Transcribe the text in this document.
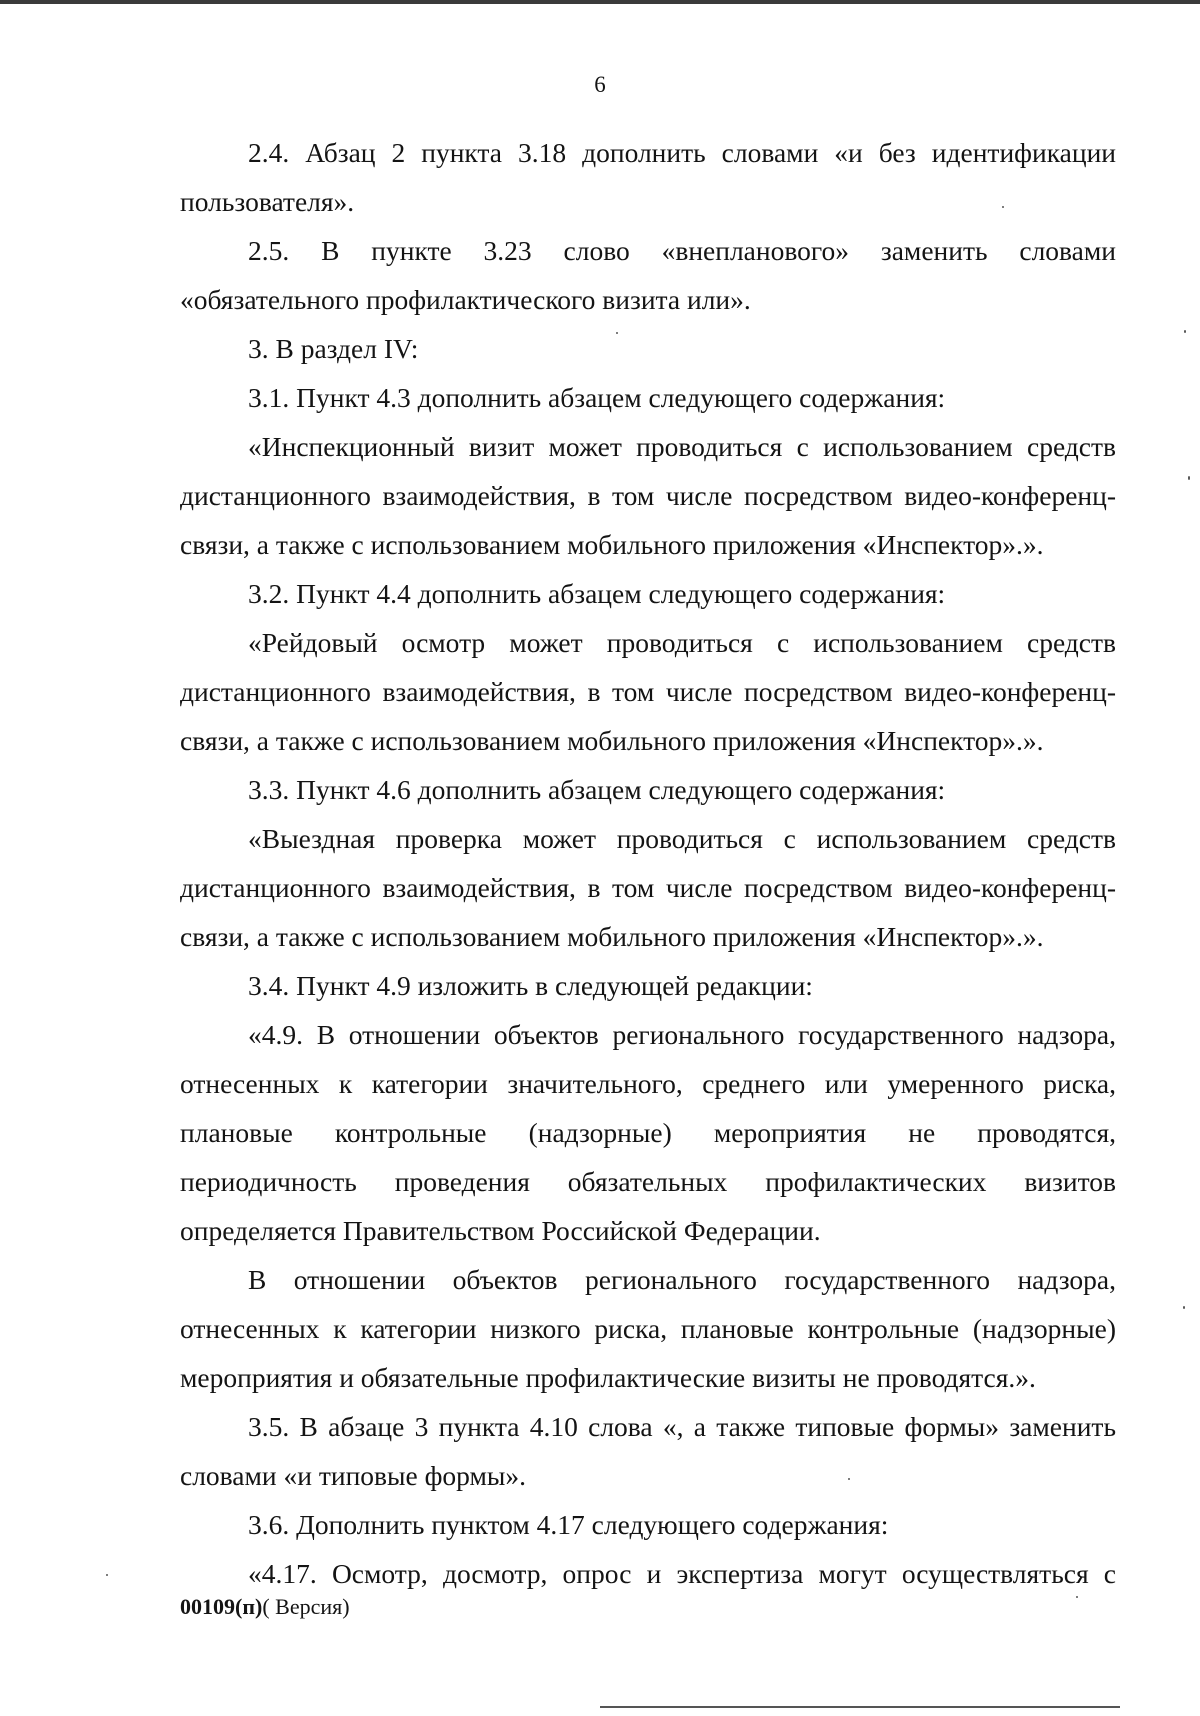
6

2.4. Абзац 2 пункта 3.18 дополнить словами «и без идентификации пользователя».

2.5. В пункте 3.23 слово «внепланового» заменить словами «обязательного профилактического визита или».

3. В раздел IV:

3.1. Пункт 4.3 дополнить абзацем следующего содержания:

«Инспекционный визит может проводиться с использованием средств дистанционного взаимодействия, в том числе посредством видео-конференц-связи, а также с использованием мобильного приложения «Инспектор».».

3.2. Пункт 4.4 дополнить абзацем следующего содержания:

«Рейдовый осмотр может проводиться с использованием средств дистанционного взаимодействия, в том числе посредством видео-конференц-связи, а также с использованием мобильного приложения «Инспектор».».

3.3. Пункт 4.6 дополнить абзацем следующего содержания:

«Выездная проверка может проводиться с использованием средств дистанционного взаимодействия, в том числе посредством видео-конференц-связи, а также с использованием мобильного приложения «Инспектор».».

3.4. Пункт 4.9 изложить в следующей редакции:

«4.9. В отношении объектов регионального государственного надзора, отнесенных к категории значительного, среднего или умеренного риска, плановые контрольные (надзорные) мероприятия не проводятся, периодичность проведения обязательных профилактических визитов определяется Правительством Российской Федерации.

В отношении объектов регионального государственного надзора, отнесенных к категории низкого риска, плановые контрольные (надзорные) мероприятия и обязательные профилактические визиты не проводятся.».

3.5. В абзаце 3 пункта 4.10 слова «, а также типовые формы» заменить словами «и типовые формы».

3.6. Дополнить пунктом 4.17 следующего содержания:

«4.17. Осмотр, досмотр, опрос и экспертиза могут осуществляться с

00109(п)( Версия)
